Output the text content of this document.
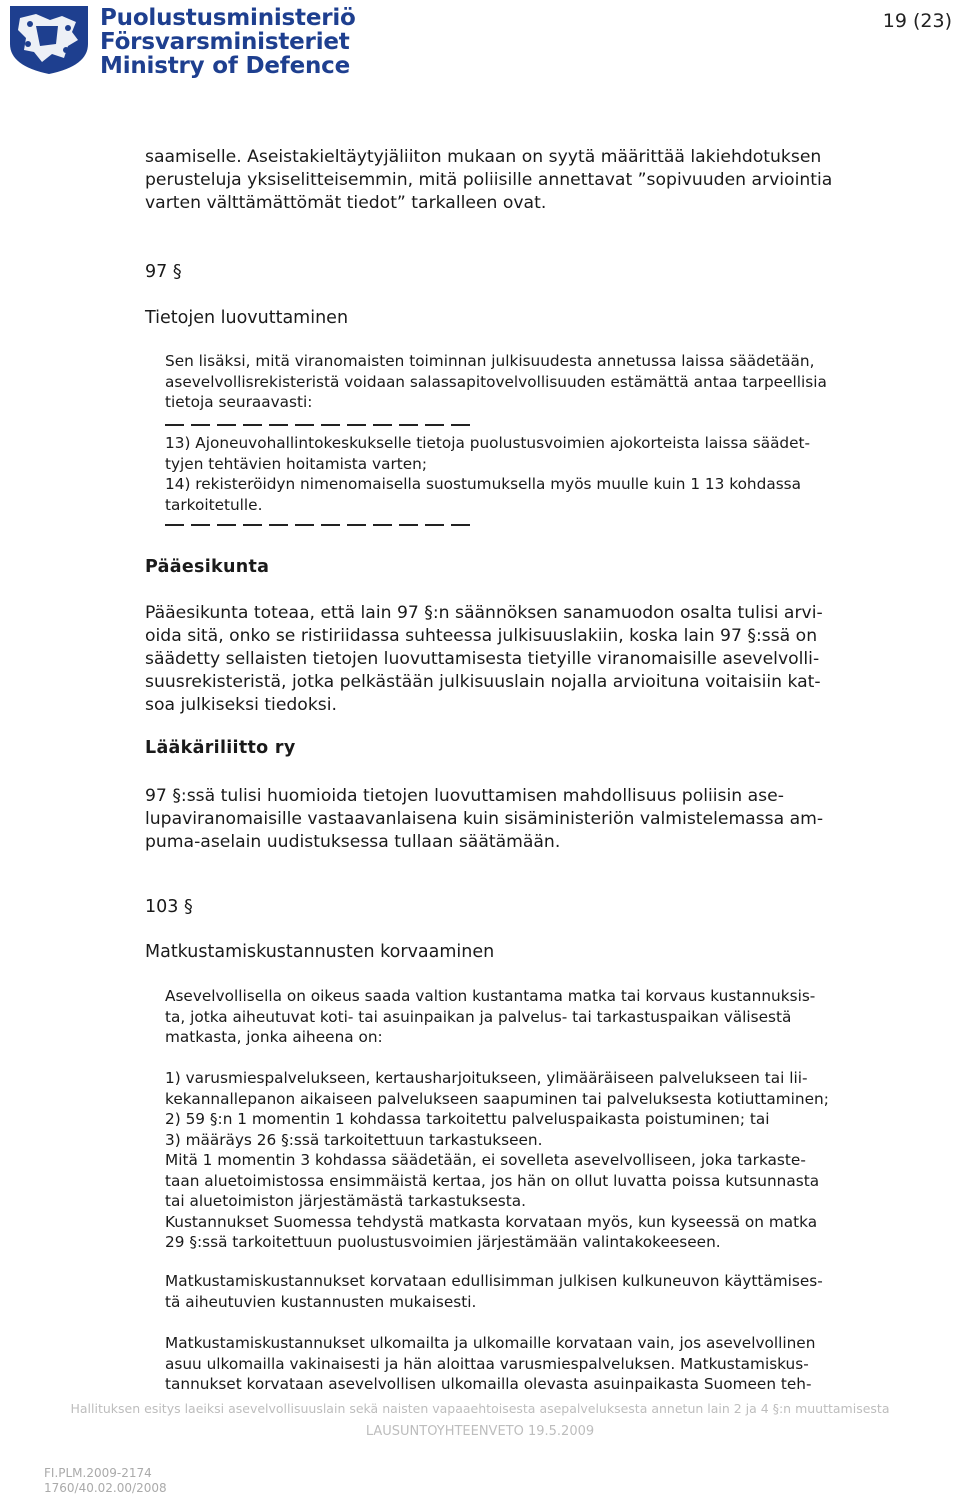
Puolustusministeriö
Försvarsministeriet
Ministry of Defence
19 (23)

saamiselle. Aseistakieltäytyjäliiton mukaan on syytä määrittää lakiehdotuksen

perusteluja yksiselitteisemmin, mitä poliisille annettavat ”sopivuuden arviointia

varten välttämättömät tiedot” tarkalleen ovat.

97 §
Tietojen luovuttaminen

Sen lisäksi, mitä viranomaisten toiminnan julkisuudesta annetussa laissa säädetään,

asevelvollisrekisteristä voidaan salassapitovelvollisuuden estämättä antaa tarpeellisia

tietoja seuraavasti:

13) Ajoneuvohallintokeskukselle tietoja puolustusvoimien ajokorteista laissa säädet-

tyjen tehtävien hoitamista varten;

14) rekisteröidyn nimenomaisella suostumuksella myös muulle kuin 1 13 kohdassa

tarkoitetulle.

Pääesikunta

Pääesikunta toteaa, että lain 97 §:n säännöksen sanamuodon osalta tulisi arvi-

oida sitä, onko se ristiriidassa suhteessa julkisuuslakiin, koska lain 97 §:ssä on

säädetty sellaisten tietojen luovuttamisesta tietyille viranomaisille asevelvolli-

suusrekisteristä, jotka pelkästään julkisuuslain nojalla arvioituna voitaisiin kat-

soa julkiseksi tiedoksi.

Lääkäriliitto ry

97 §:ssä tulisi huomioida tietojen luovuttamisen mahdollisuus poliisin ase-

lupaviranomaisille vastaavanlaisena kuin sisäministeriön valmistelemassa am-

puma-aselain uudistuksessa tullaan säätämään.

103 §
Matkustamiskustannusten korvaaminen

Asevelvollisella on oikeus saada valtion kustantama matka tai korvaus kustannuksis-

ta, jotka aiheutuvat koti- tai asuinpaikan ja palvelus- tai tarkastuspaikan välisestä

matkasta, jonka aiheena on:

1) varusmiespalvelukseen, kertausharjoitukseen, ylimääräiseen palvelukseen tai lii-

kekannallepanon aikaiseen palvelukseen saapuminen tai palveluksesta kotiuttaminen;

2) 59 §:n 1 momentin 1 kohdassa tarkoitettu palveluspaikasta poistuminen; tai

3) määräys 26 §:ssä tarkoitettuun tarkastukseen.

Mitä 1 momentin 3 kohdassa säädetään, ei sovelleta asevelvolliseen, joka tarkaste-

taan aluetoimistossa ensimmäistä kertaa, jos hän on ollut luvatta poissa kutsunnasta

tai aluetoimiston järjestämästä tarkastuksesta.

Kustannukset Suomessa tehdystä matkasta korvataan myös, kun kyseessä on matka

29 §:ssä tarkoitettuun puolustusvoimien järjestämään valintakokeeseen.

Matkustamiskustannukset korvataan edullisimman julkisen kulkuneuvon käyttämises-

tä aiheutuvien kustannusten mukaisesti.

Matkustamiskustannukset ulkomailta ja ulkomaille korvataan vain, jos asevelvollinen

asuu ulkomailla vakinaisesti ja hän aloittaa varusmiespalveluksen. Matkustamiskus-

tannukset korvataan asevelvollisen ulkomailla olevasta asuinpaikasta Suomeen teh-

Hallituksen esitys laeiksi asevelvollisuuslain sekä naisten vapaaehtoisesta asepalveluksesta annetun lain 2 ja 4 §:n muuttamisesta
LAUSUNTOYHTEENVETO 19.5.2009
FI.PLM.2009-2174
1760/40.02.00/2008
